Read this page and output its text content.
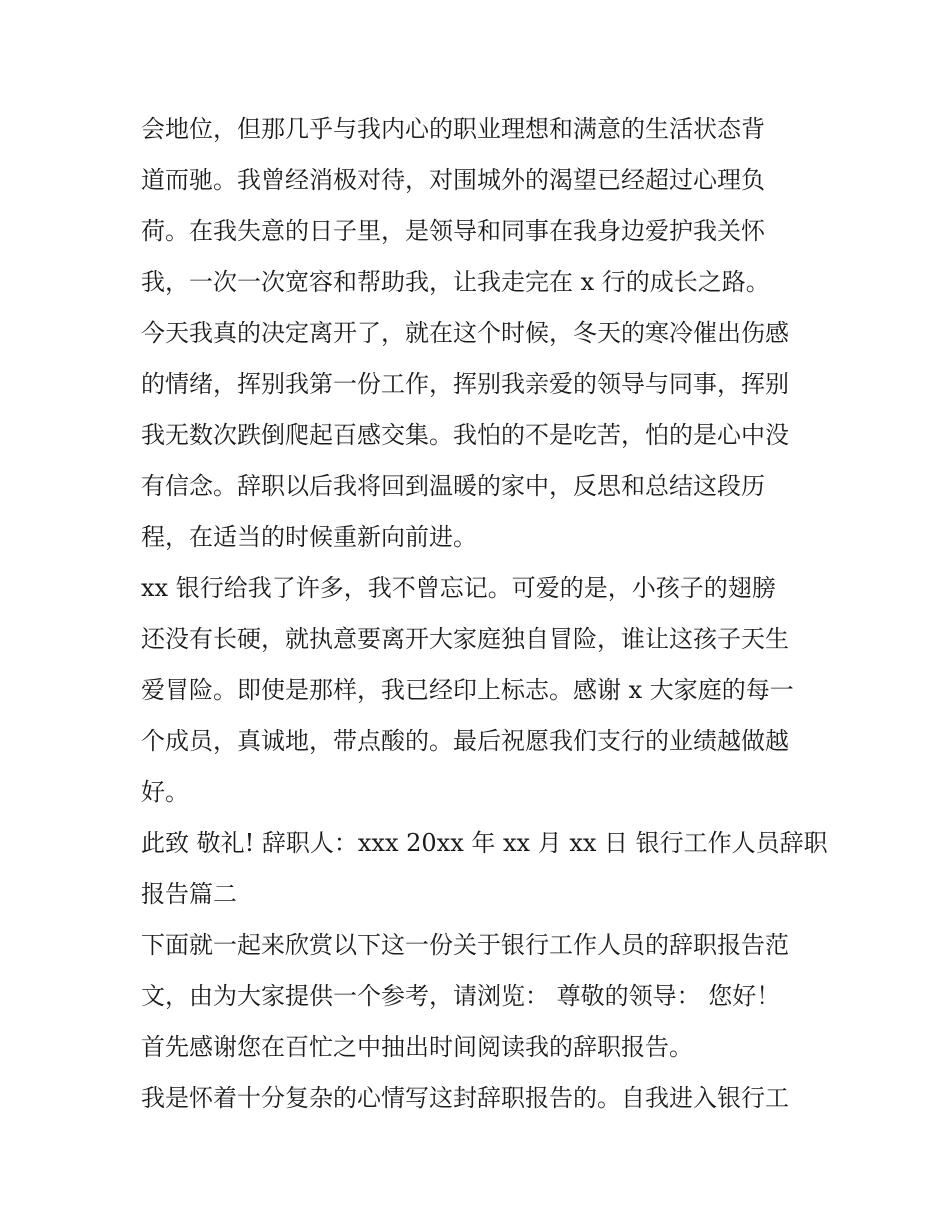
会地位，但那几乎与我内心的职业理想和满意的生活状态背
道而驰。我曾经消极对待，对围城外的渴望已经超过心理负
荷。在我失意的日子里，是领导和同事在我身边爱护我关怀
我，一次一次宽容和帮助我，让我走完在 x 行的成长之路。
今天我真的决定离开了，就在这个时候，冬天的寒冷催出伤感
的情绪，挥别我第一份工作，挥别我亲爱的领导与同事，挥别
我无数次跌倒爬起百感交集。我怕的不是吃苦，怕的是心中没
有信念。辞职以后我将回到温暖的家中，反思和总结这段历
程，在适当的时候重新向前进。
xx 银行给我了许多，我不曾忘记。可爱的是，小孩子的翅膀
还没有长硬，就执意要离开大家庭独自冒险，谁让这孩子天生
爱冒险。即使是那样，我已经印上标志。感谢 x 大家庭的每一
个成员，真诚地，带点酸的。最后祝愿我们支行的业绩越做越
好。
此致 敬礼! 辞职人：xxx 20xx 年 xx 月 xx 日 银行工作人员辞职
报告篇二
下面就一起来欣赏以下这一份关于银行工作人员的辞职报告范
文，由为大家提供一个参考，请浏览： 尊敬的领导： 您好！
首先感谢您在百忙之中抽出时间阅读我的辞职报告。
我是怀着十分复杂的心情写这封辞职报告的。自我进入银行工
